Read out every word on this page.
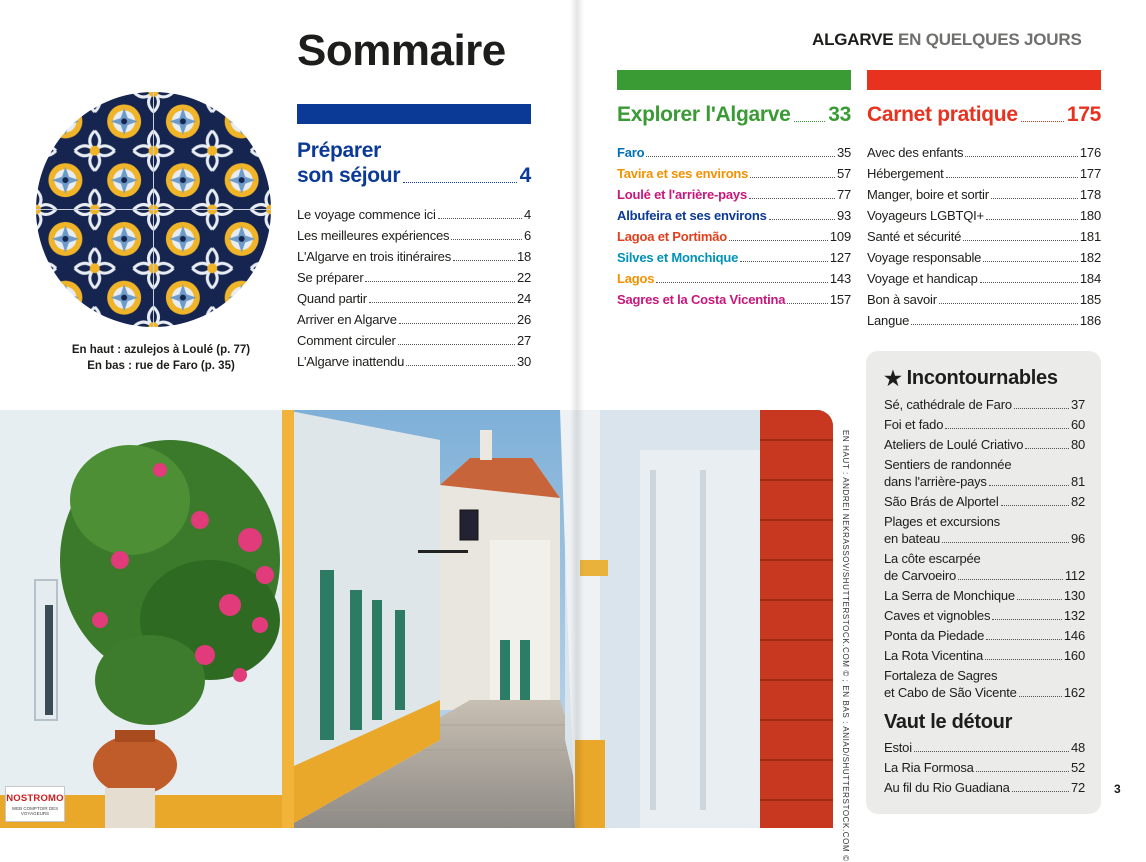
En haut : azulejos à Loulé (p. 77)
En bas : rue de Faro (p. 35)
Sommaire
Préparer
son séjour	4
Le voyage commence ici	4
Les meilleures expériences	6
L'Algarve en trois itinéraires	18
Se préparer	22
Quand partir	24
Arriver en Algarve	26
Comment circuler	27
L'Algarve inattendu	30
ALGARVE EN QUELQUES JOURS
Explorer l'Algarve 33
Faro	35
Tavira et ses environs	57
Loulé et l'arrière-pays	77
Albufeira et ses environs	93
Lagoa et Portimão	109
Silves et Monchique	127
Lagos	143
Sagres et la Costa Vicentina	157
Carnet pratique 175
Avec des enfants	176
Hébergement	177
Manger, boire et sortir	178
Voyageurs LGBTQI+	180
Santé et sécurité	181
Voyage responsable	182
Voyage et handicap	184
Bon à savoir	185
Langue	186
★ Incontournables
Sé, cathédrale de Faro	37
Foi et fado	60
Ateliers de Loulé Criativo	80
Sentiers de randonnée
dans l'arrière-pays	81
São Brás de Alportel	82
Plages et excursions
en bateau	96
La côte escarpée
de Carvoeiro	112
La Serra de Monchique	130
Caves et vignobles	132
Ponta da Piedade	146
La Rota Vicentina	160
Fortaleza de Sagres
et Cabo de São Vicente	162
Vaut le détour
Estoi	48
La Ria Formosa	52
Au fil du Rio Guadiana	72
EN HAUT : ANDREI NEKRASSOV/SHUTTERSTOCK.COM © ; EN BAS : ANIAD/SHUTTERSTOCK.COM ©
NOSTROMO
WEB COMPTOIR DES VOYAGEURS
3
